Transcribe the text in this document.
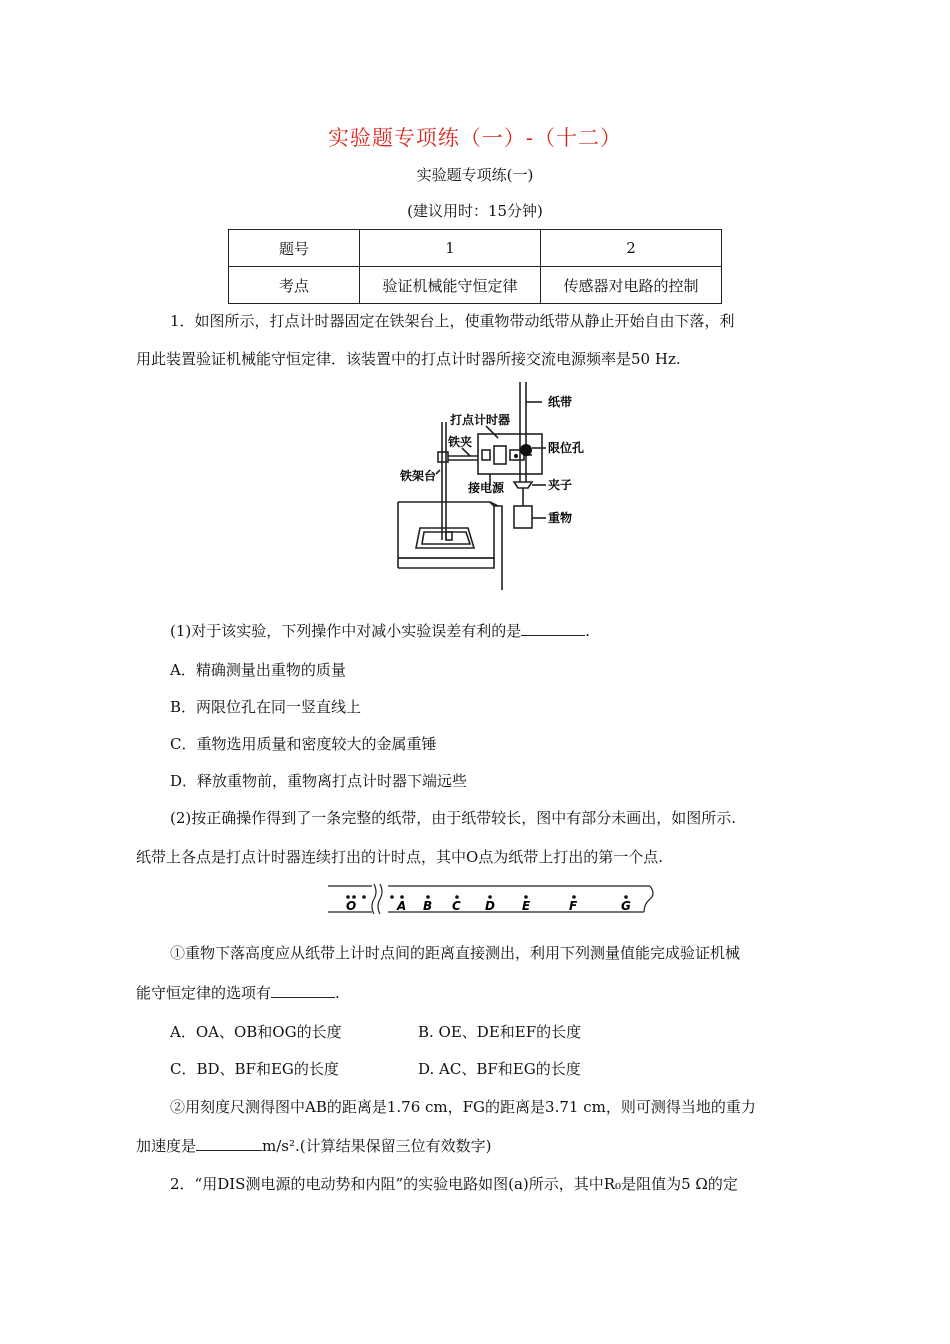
实验题专项练（一）-（十二）
实验题专项练(一)
(建议用时：15分钟)
题号	1	2
考点	验证机械能守恒定律	传感器对电路的控制
1．如图所示，打点计时器固定在铁架台上，使重物带动纸带从静止开始自由下落，利
用此装置验证机械能守恒定律．该装置中的打点计时器所接交流电源频率是50 Hz.
纸带
打点计时器
铁夹	限位孔
铁架台
接电源	夹子
重物
(1)对于该实验，下列操作中对减小实验误差有利的是	.
A．精确测量出重物的质量
B．两限位孔在同一竖直线上
C．重物选用质量和密度较大的金属重锤
D．释放重物前，重物离打点计时器下端远些
(2)按正确操作得到了一条完整的纸带，由于纸带较长，图中有部分未画出，如图所示.
纸带上各点是打点计时器连续打出的计时点，其中O点为纸带上打出的第一个点.
O	A B C D E	F	G
①重物下落高度应从纸带上计时点间的距离直接测出，利用下列测量值能完成验证机械
能守恒定律的选项有	.
A．OA、OB和OG的长度	B. OE、DE和EF的长度
C．BD、BF和EG的长度	D. AC、BF和EG的长度
②用刻度尺测得图中AB的距离是1.76 cm，FG的距离是3.71 cm，则可测得当地的重力
加速度是	m/s².(计算结果保留三位有效数字)
2．“用DIS测电源的电动势和内阻”的实验电路如图(a)所示，其中R₀是阻值为5 Ω的定
